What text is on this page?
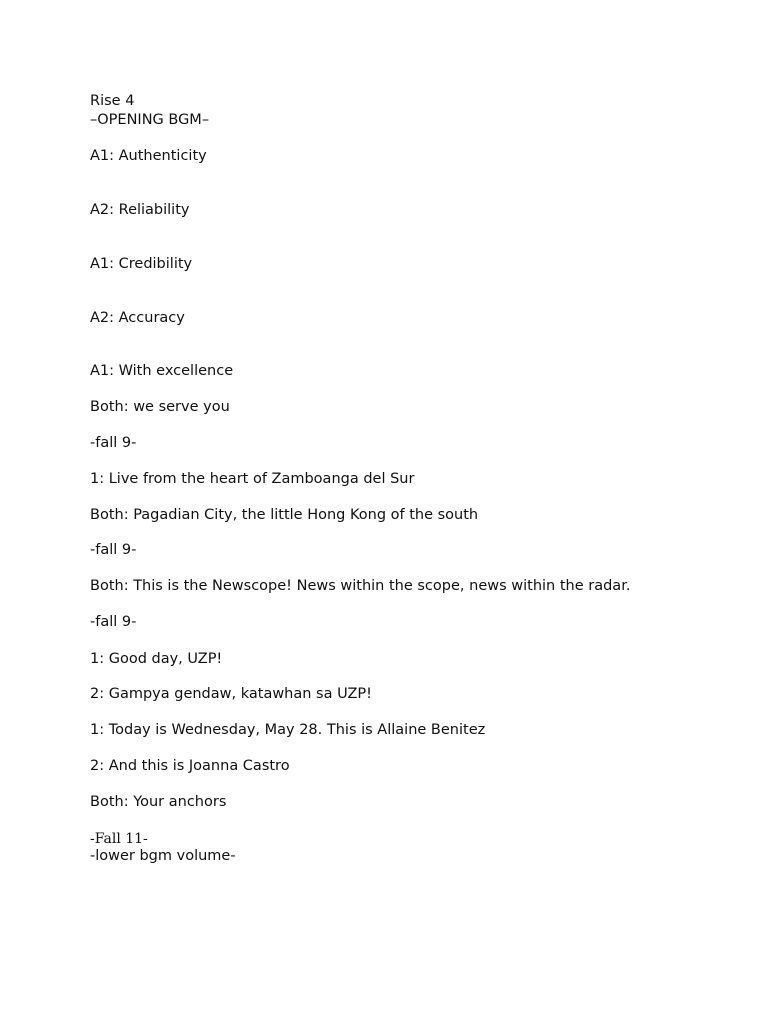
Rise 4
–OPENING BGM–
A1: Authenticity
A2: Reliability
A1: Credibility
A2: Accuracy
A1: With excellence
Both: we serve you
-fall 9-
1: Live from the heart of Zamboanga del Sur
Both: Pagadian City, the little Hong Kong of the south
-fall 9-
Both: This is the Newscope! News within the scope, news within the radar.
-fall 9-
1: Good day, UZP!
2: Gampya gendaw, katawhan sa UZP!
1: Today is Wednesday, May 28. This is Allaine Benitez
2: And this is Joanna Castro
Both: Your anchors
-Fall 11-
-lower bgm volume-
